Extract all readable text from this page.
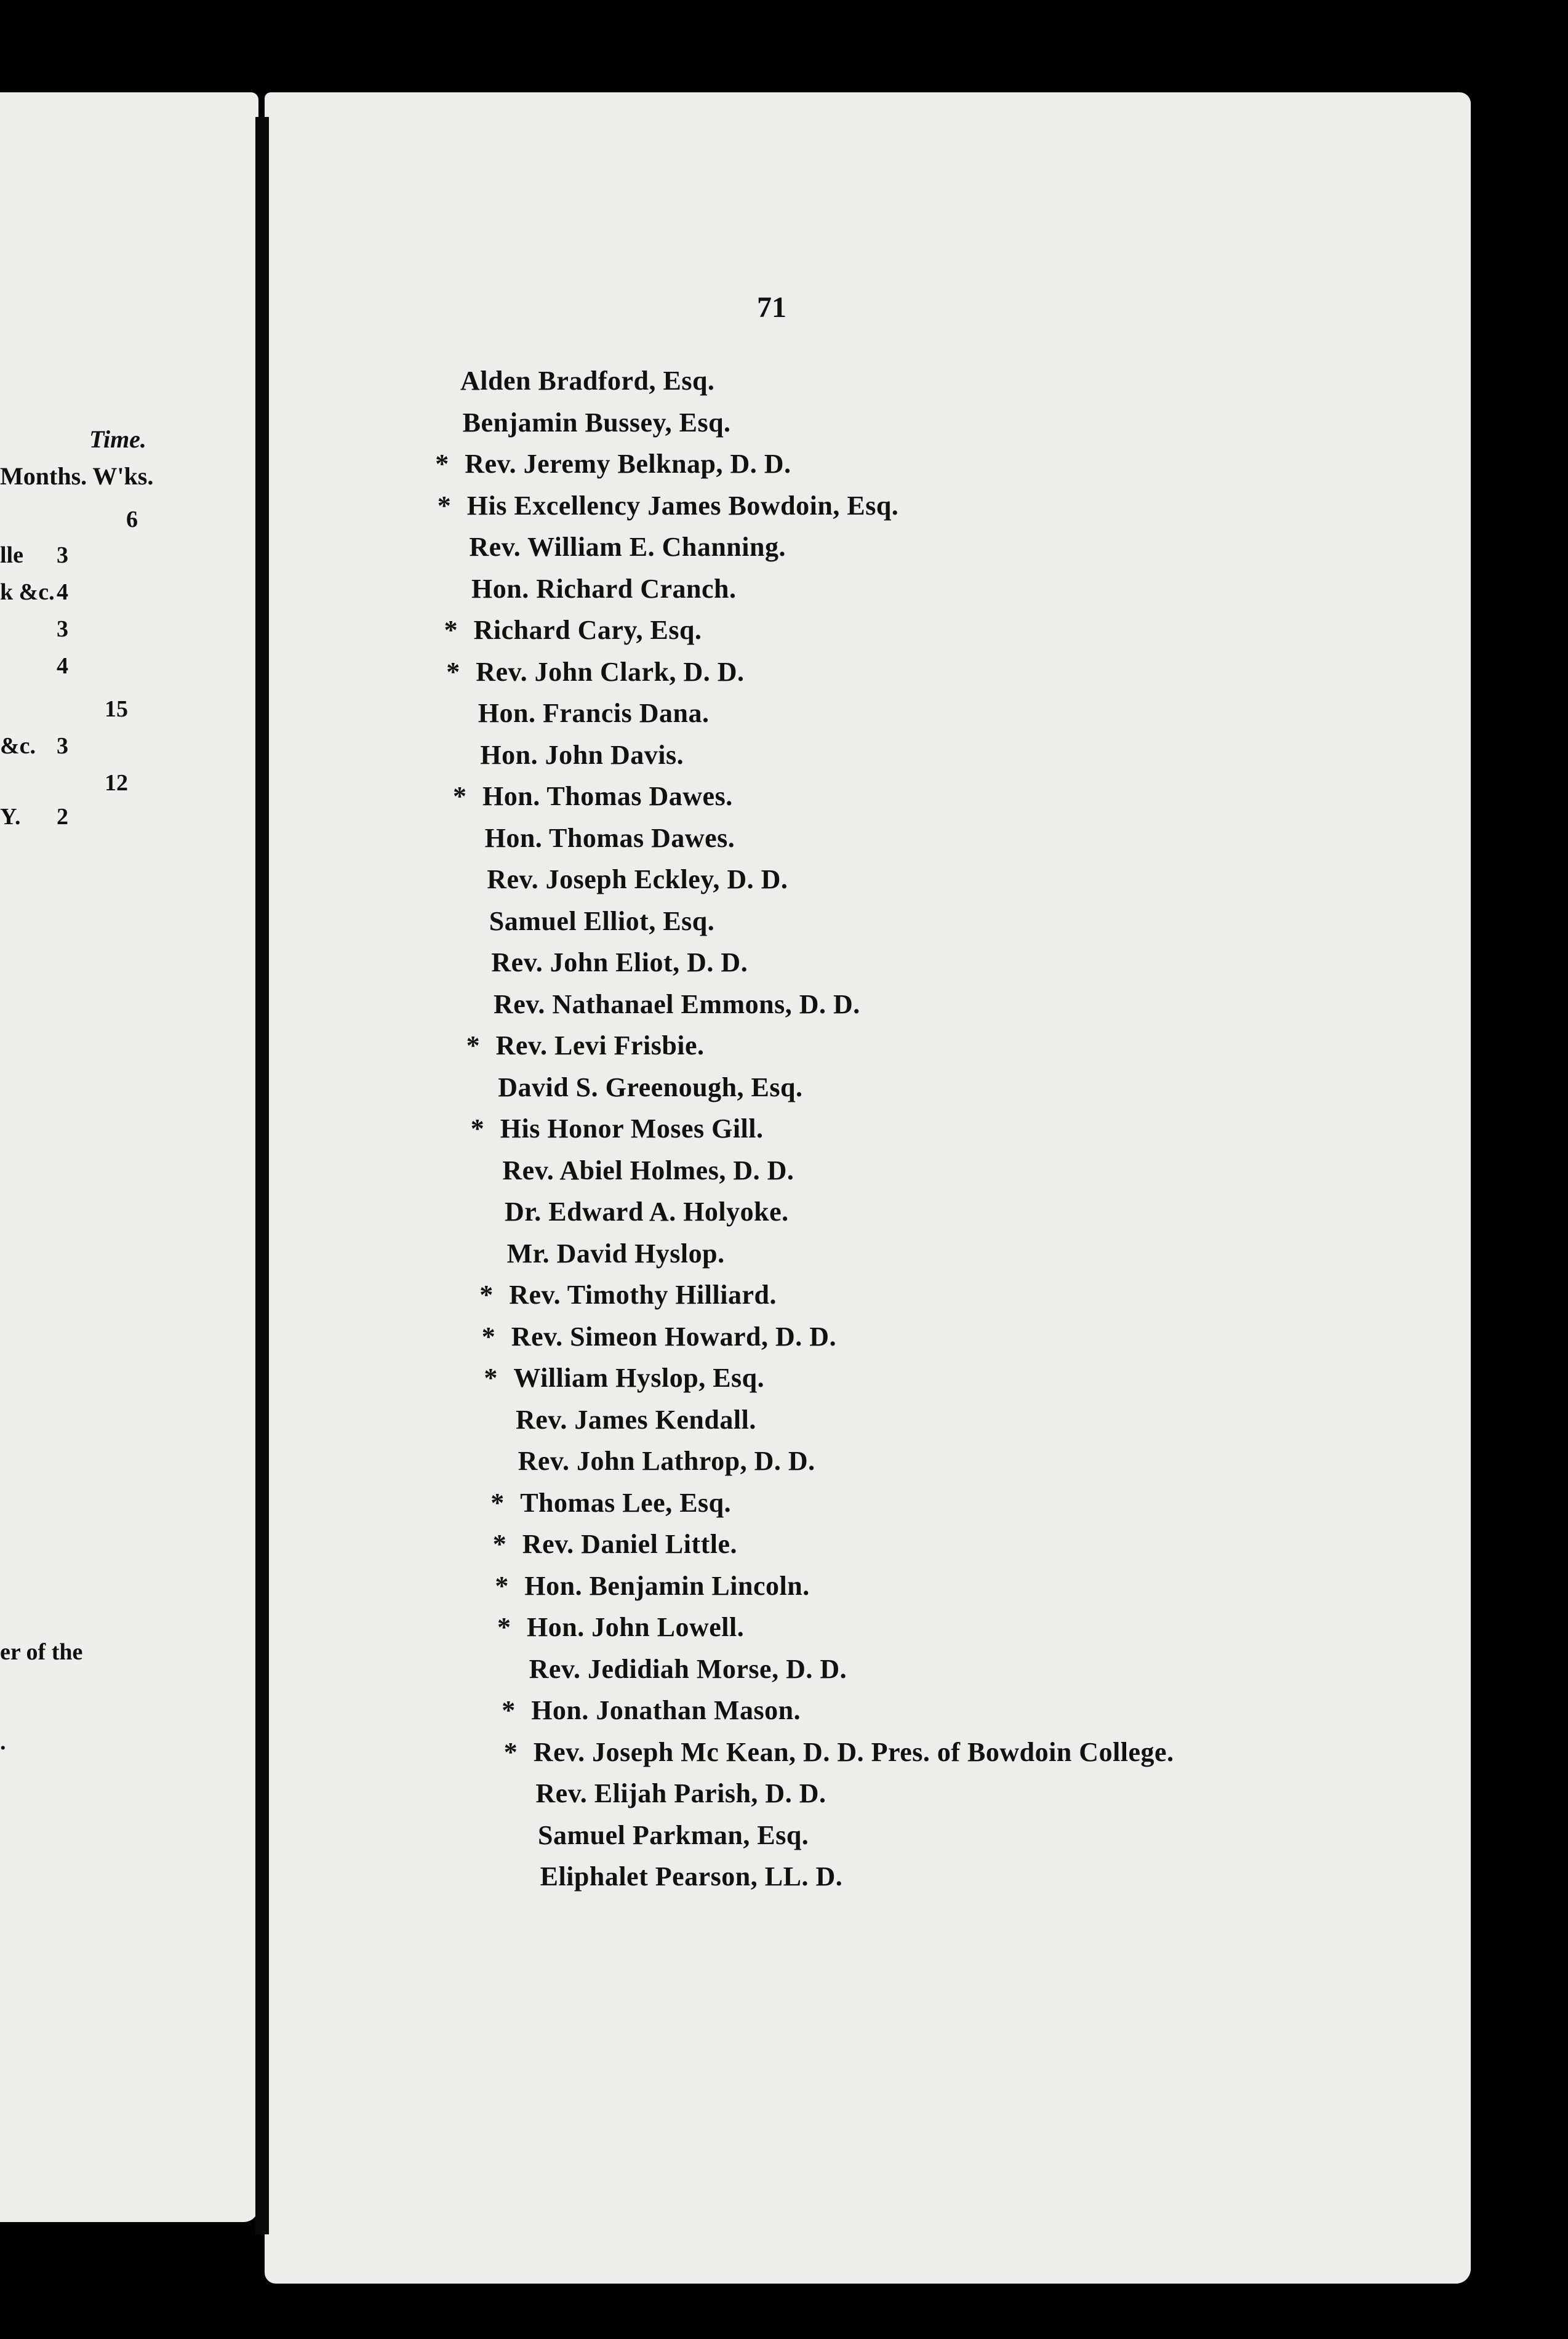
71
Time.
Months. W'ks.
6
lle 3
k &c. 4
3
4
15
&c. 3
12
Y. 2
er of the
.
Alden Bradford, Esq.
Benjamin Bussey, Esq.
* Rev. Jeremy Belknap, D. D.
* His Excellency James Bowdoin, Esq.
Rev. William E. Channing.
Hon. Richard Cranch.
* Richard Cary, Esq.
* Rev. John Clark, D. D.
Hon. Francis Dana.
Hon. John Davis.
* Hon. Thomas Dawes.
Hon. Thomas Dawes.
Rev. Joseph Eckley, D. D.
Samuel Elliot, Esq.
Rev. John Eliot, D. D.
Rev. Nathanael Emmons, D. D.
* Rev. Levi Frisbie.
David S. Greenough, Esq.
* His Honor Moses Gill.
Rev. Abiel Holmes, D. D.
Dr. Edward A. Holyoke.
Mr. David Hyslop.
* Rev. Timothy Hilliard.
* Rev. Simeon Howard, D. D.
* William Hyslop, Esq.
Rev. James Kendall.
Rev. John Lathrop, D. D.
* Thomas Lee, Esq.
* Rev. Daniel Little.
* Hon. Benjamin Lincoln.
* Hon. John Lowell.
Rev. Jedidiah Morse, D. D.
* Hon. Jonathan Mason.
* Rev. Joseph Mc Kean, D. D. Pres. of Bowdoin College.
Rev. Elijah Parish, D. D.
Samuel Parkman, Esq.
Eliphalet Pearson, LL. D.
